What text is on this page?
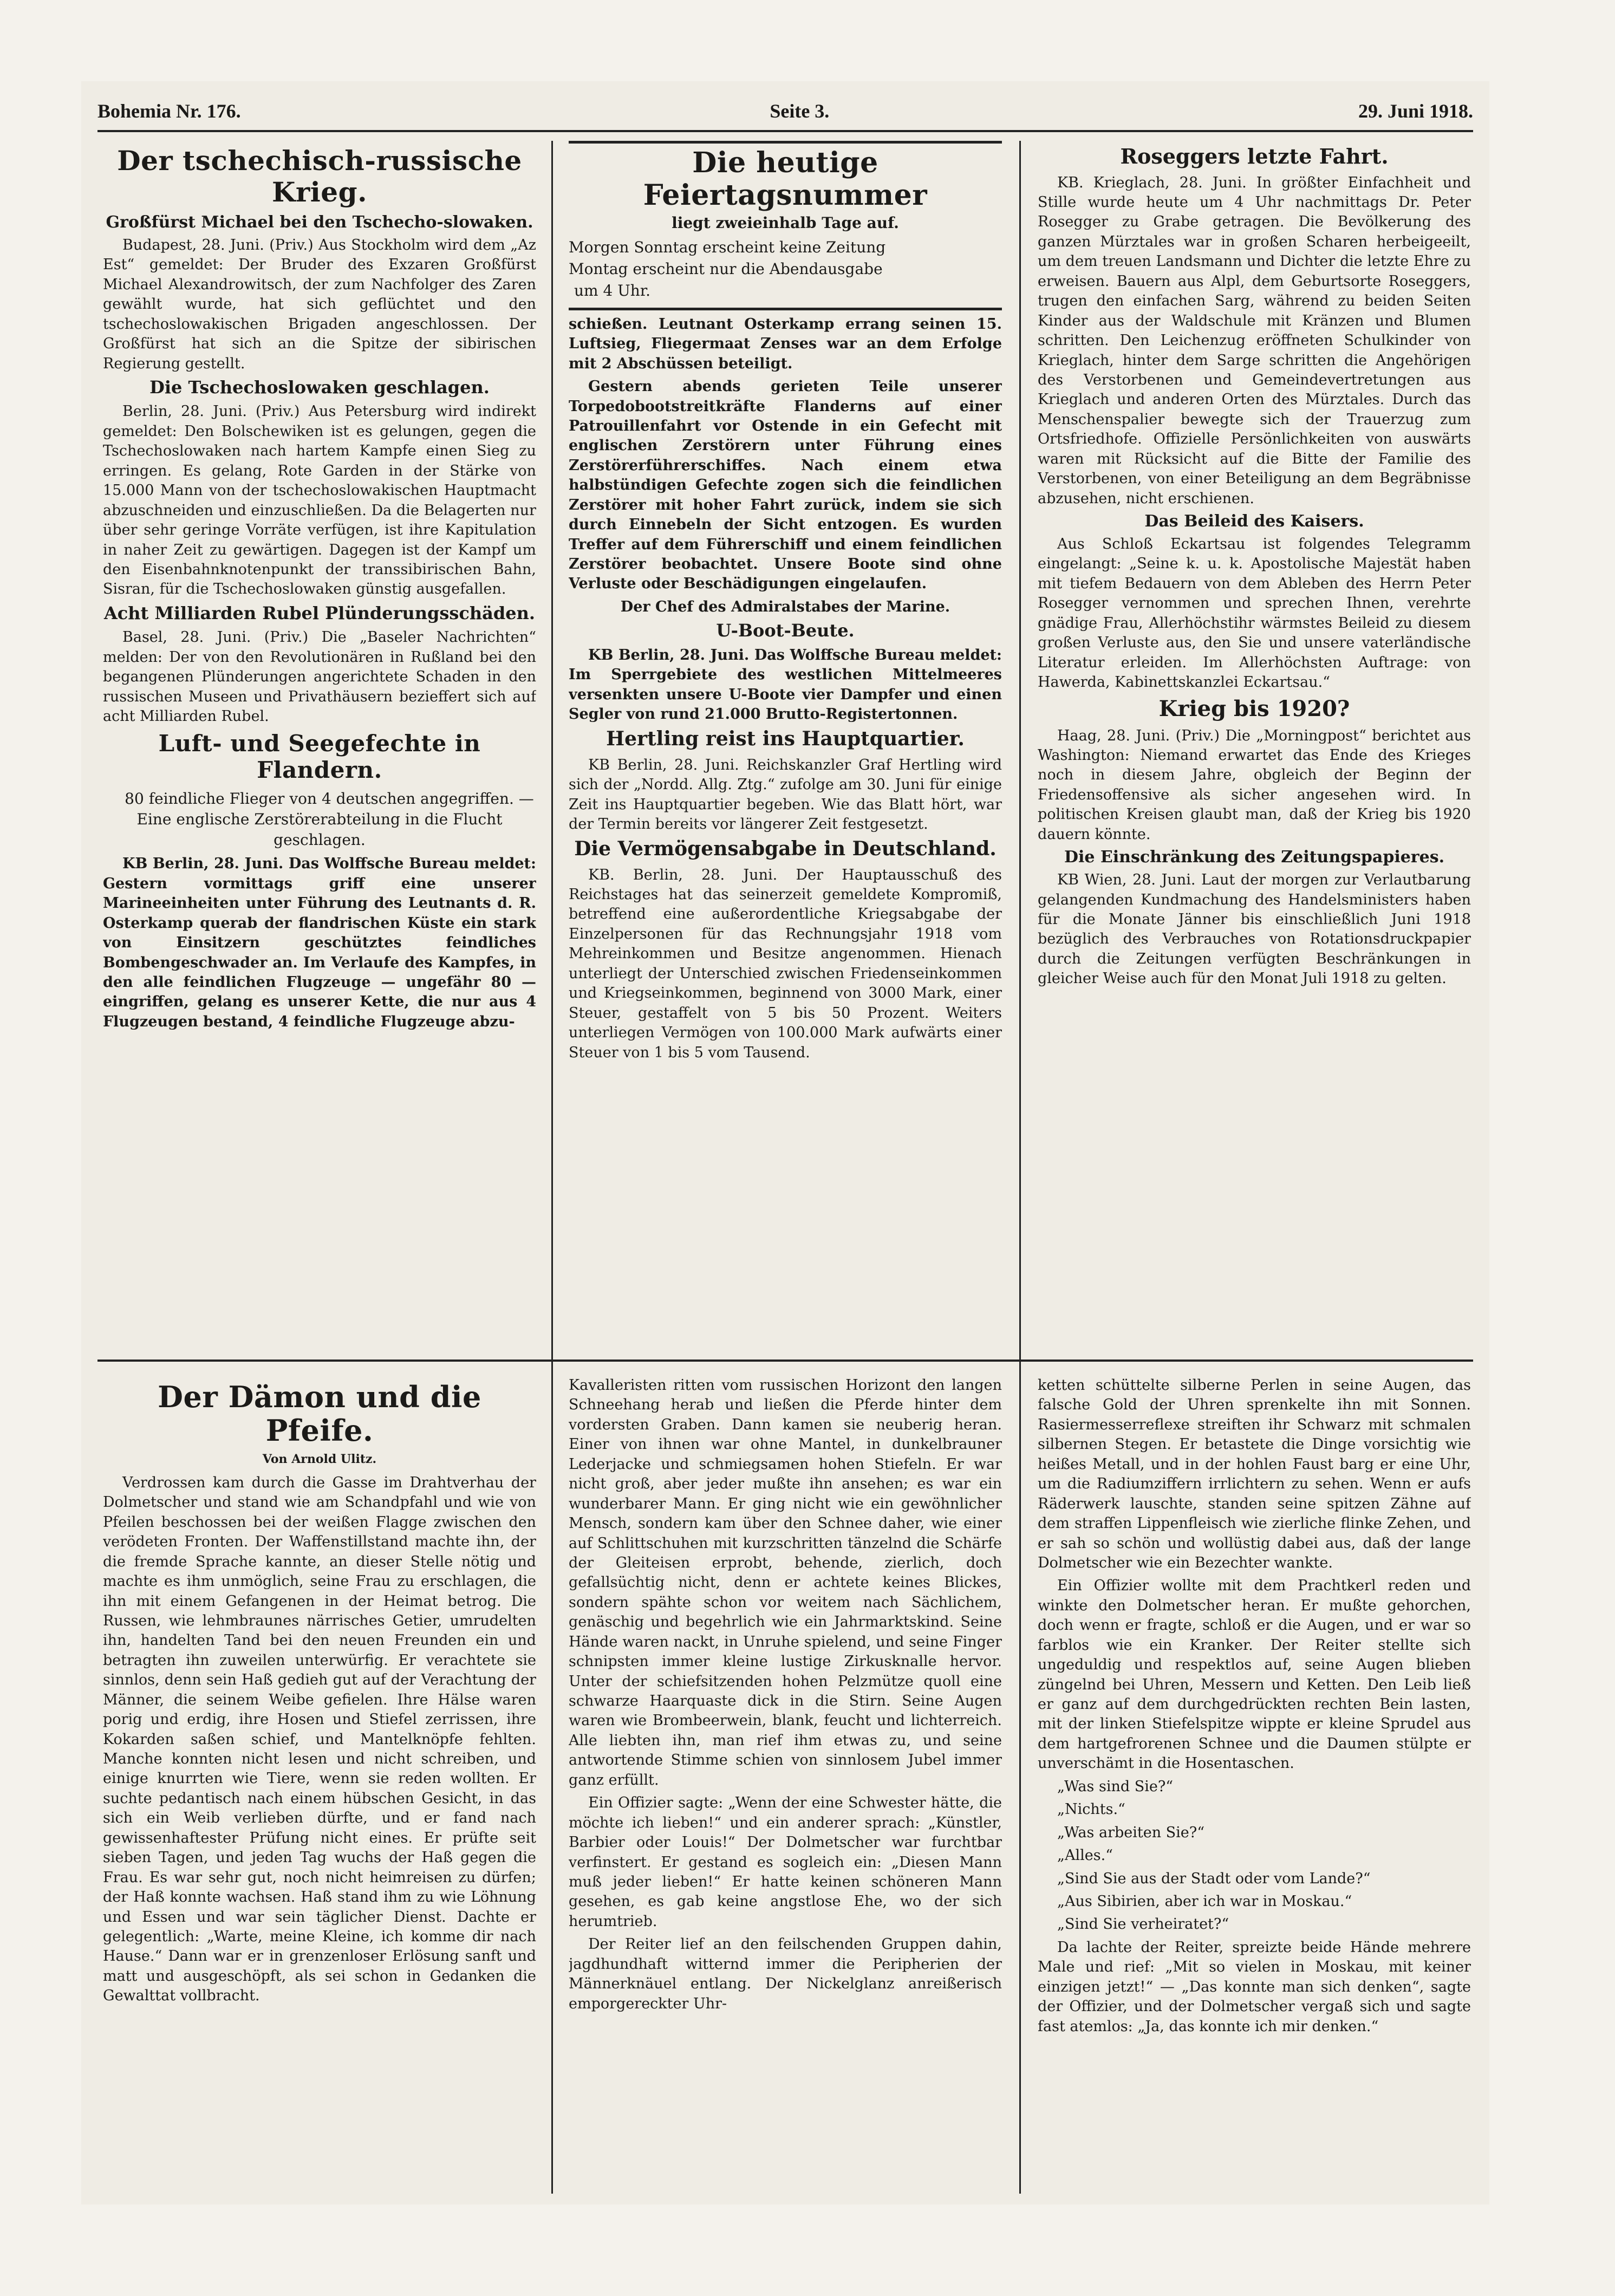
Bohemia Nr. 176.	Seite 3.	29. Juni 1918.
Der tschechisch-russische Krieg.
Großfürst Michael bei den Tschecho-slowaken.

Budapest, 28. Juni. (Priv.) Aus Stockholm wird dem „Az Est“ gemeldet: Der Bruder des Exzaren Großfürst Michael Alexandrowitsch, der zum Nachfolger des Zaren gewählt wurde, hat sich geflüchtet und den tschechoslowakischen Brigaden angeschlossen. Der Großfürst hat sich an die Spitze der sibirischen Regierung gestellt.

Die Tschechoslowaken geschlagen.

Berlin, 28. Juni. (Priv.) Aus Petersburg wird indirekt gemeldet: Den Bolschewiken ist es gelungen, gegen die Tschechoslowaken nach hartem Kampfe einen Sieg zu erringen. Es gelang, Rote Garden in der Stärke von 15.000 Mann von der tschechoslowakischen Hauptmacht abzuschneiden und einzuschließen. Da die Belagerten nur über sehr geringe Vorräte verfügen, ist ihre Kapitulation in naher Zeit zu gewärtigen. Dagegen ist der Kampf um den Eisenbahnknotenpunkt der transsibirischen Bahn, Sisran, für die Tschechoslowaken günstig ausgefallen.

Acht Milliarden Rubel Plünderungsschäden.

Basel, 28. Juni. (Priv.) Die „Baseler Nachrichten“ melden: Der von den Revolutionären in Rußland bei den begangenen Plünderungen angerichtete Schaden in den russischen Museen und Privathäusern bezieffert sich auf acht Milliarden Rubel.

Luft- und Seegefechte in Flandern.

80 feindliche Flieger von 4 deutschen angegriffen. — Eine englische Zerstörerabteilung in die Flucht geschlagen.

KB Berlin, 28. Juni. Das Wolffsche Bureau meldet: Gestern vormittags griff eine unserer Marineeinheiten unter Führung des Leutnants d. R. Osterkamp querab der flandrischen Küste ein stark von Einsitzern geschütztes feindliches Bombengeschwader an. Im Verlaufe des Kampfes, in den alle feindlichen Flugzeuge — ungefähr 80 — eingriffen, gelang es unserer Kette, die nur aus 4 Flugzeugen bestand, 4 feindliche Flugzeuge abzu-

Die heutige Feiertagsnummer
liegt zweieinhalb Tage auf.
Morgen Sonntag erscheint keine Zeitung
Montag erscheint nur die Abendausgabe
um 4 Uhr.

schießen. Leutnant Osterkamp errang seinen 15. Luftsieg, Fliegermaat Zenses war an dem Erfolge mit 2 Abschüssen beteiligt.

Gestern abends gerieten Teile unserer Torpedobootstreitkräfte Flanderns auf einer Patrouillenfahrt vor Ostende in ein Gefecht mit englischen Zerstörern unter Führung eines Zerstörerführerschiffes. Nach einem etwa halbstündigen Gefechte zogen sich die feindlichen Zerstörer mit hoher Fahrt zurück, indem sie sich durch Einnebeln der Sicht entzogen. Es wurden Treffer auf dem Führerschiff und einem feindlichen Zerstörer beobachtet. Unsere Boote sind ohne Verluste oder Beschädigungen eingelaufen.

Der Chef des Admiralstabes der Marine.

U-Boot-Beute.

KB Berlin, 28. Juni. Das Wolffsche Bureau meldet: Im Sperrgebiete des westlichen Mittelmeeres versenkten unsere U-Boote vier Dampfer und einen Segler von rund 21.000 Brutto-Registertonnen.

Hertling reist ins Hauptquartier.

KB Berlin, 28. Juni. Reichskanzler Graf Hertling wird sich der „Nordd. Allg. Ztg.“ zufolge am 30. Juni für einige Zeit ins Hauptquartier begeben. Wie das Blatt hört, war der Termin bereits vor längerer Zeit festgesetzt.

Die Vermögensabgabe in Deutschland.

KB. Berlin, 28. Juni. Der Hauptausschuß des Reichstages hat das seinerzeit gemeldete Kompromiß, betreffend eine außerordentliche Kriegsabgabe der Einzelpersonen für das Rechnungsjahr 1918 vom Mehreinkommen und Besitze angenommen. Hienach unterliegt der Unterschied zwischen Friedenseinkommen und Kriegseinkommen, beginnend von 3000 Mark, einer Steuer, gestaffelt von 5 bis 50 Prozent. Weiters unterliegen Vermögen von 100.000 Mark aufwärts einer Steuer von 1 bis 5 vom Tausend.

Roseggers letzte Fahrt.

KB. Krieglach, 28. Juni. In größter Einfachheit und Stille wurde heute um 4 Uhr nachmittags Dr. Peter Rosegger zu Grabe getragen. Die Bevölkerung des ganzen Mürztales war in großen Scharen herbeigeeilt, um dem treuen Landsmann und Dichter die letzte Ehre zu erweisen. Bauern aus Alpl, dem Geburtsorte Roseggers, trugen den einfachen Sarg, während zu beiden Seiten Kinder aus der Waldschule mit Kränzen und Blumen schritten. Den Leichenzug eröffneten Schulkinder von Krieglach, hinter dem Sarge schritten die Angehörigen des Verstorbenen und Gemeindevertretungen aus Krieglach und anderen Orten des Mürztales. Durch das Menschenspalier bewegte sich der Trauerzug zum Ortsfriedhofe. Offizielle Persönlichkeiten von auswärts waren mit Rücksicht auf die Bitte der Familie des Verstorbenen, von einer Beteiligung an dem Begräbnisse abzusehen, nicht erschienen.

Das Beileid des Kaisers.

Aus Schloß Eckartsau ist folgendes Telegramm eingelangt: „Seine k. u. k. Apostolische Majestät haben mit tiefem Bedauern von dem Ableben des Herrn Peter Rosegger vernommen und sprechen Ihnen, verehrte gnädige Frau, Allerhöchstihr wärmstes Beileid zu diesem großen Verluste aus, den Sie und unsere vaterländische Literatur erleiden. Im Allerhöchsten Auftrage: von Hawerda, Kabinettskanzlei Eckartsau.“

Krieg bis 1920?

Haag, 28. Juni. (Priv.) Die „Morningpost“ berichtet aus Washington: Niemand erwartet das Ende des Krieges noch in diesem Jahre, obgleich der Beginn der Friedensoffensive als sicher angesehen wird. In politischen Kreisen glaubt man, daß der Krieg bis 1920 dauern könnte.

Die Einschränkung des Zeitungspapieres.

KB Wien, 28. Juni. Laut der morgen zur Verlautbarung gelangenden Kundmachung des Handelsministers haben für die Monate Jänner bis einschließlich Juni 1918 bezüglich des Verbrauches von Rotationsdruckpapier durch die Zeitungen verfügten Beschränkungen in gleicher Weise auch für den Monat Juli 1918 zu gelten.

Der Dämon und die Pfeife.
Von Arnold Ulitz.

Verdrossen kam durch die Gasse im Drahtverhau der Dolmetscher und stand wie am Schandpfahl und wie von Pfeilen beschossen bei der weißen Flagge zwischen den verödeten Fronten. Der Waffenstillstand machte ihn, der die fremde Sprache kannte, an dieser Stelle nötig und machte es ihm unmöglich, seine Frau zu erschlagen, die ihn mit einem Gefangenen in der Heimat betrog. Die Russen, wie lehmbraunes närrisches Getier, umrudelten ihn, handelten Tand bei den neuen Freunden ein und betragten ihn zuweilen unterwürfig. Er verachtete sie sinnlos, denn sein Haß gedieh gut auf der Verachtung der Männer, die seinem Weibe gefielen. Ihre Hälse waren porig und erdig, ihre Hosen und Stiefel zerrissen, ihre Kokarden saßen schief, und Mantelknöpfe fehlten. Manche konnten nicht lesen und nicht schreiben, und einige knurrten wie Tiere, wenn sie reden wollten. Er suchte pedantisch nach einem hübschen Gesicht, in das sich ein Weib verlieben dürfte, und er fand nach gewissenhaftester Prüfung nicht eines. Er prüfte seit sieben Tagen, und jeden Tag wuchs der Haß gegen die Frau. Es war sehr gut, noch nicht heimreisen zu dürfen; der Haß konnte wachsen. Haß stand ihm zu wie Löhnung und Essen und war sein täglicher Dienst. Dachte er gelegentlich: „Warte, meine Kleine, ich komme dir nach Hause.“ Dann war er in grenzenloser Erlösung sanft und matt und ausgeschöpft, als sei schon in Gedanken die Gewalttat vollbracht.

Kavalleristen ritten vom russischen Horizont den langen Schneehang herab und ließen die Pferde hinter dem vordersten Graben. Dann kamen sie neuberig heran. Einer von ihnen war ohne Mantel, in dunkelbrauner Lederjacke und schmiegsamen hohen Stiefeln. Er war nicht groß, aber jeder mußte ihn ansehen; es war ein wunderbarer Mann. Er ging nicht wie ein gewöhnlicher Mensch, sondern kam über den Schnee daher, wie einer auf Schlittschuhen mit kurzschritten tänzelnd die Schärfe der Gleiteisen erprobt, behende, zierlich, doch gefallsüchtig nicht, denn er achtete keines Blickes, sondern spähte schon vor weitem nach Sächlichem, genäschig und begehrlich wie ein Jahrmarktskind. Seine Hände waren nackt, in Unruhe spielend, und seine Finger schnipsten immer kleine lustige Zirkusknalle hervor. Unter der schiefsitzenden hohen Pelzmütze quoll eine schwarze Haarquaste dick in die Stirn. Seine Augen waren wie Brombeerwein, blank, feucht und lichterreich. Alle liebten ihn, man rief ihm etwas zu, und seine antwortende Stimme schien von sinnlosem Jubel immer ganz erfüllt.

Ein Offizier sagte: „Wenn der eine Schwester hätte, die möchte ich lieben!“ und ein anderer sprach: „Künstler, Barbier oder Louis!“ Der Dolmetscher war furchtbar verfinstert. Er gestand es sogleich ein: „Diesen Mann muß jeder lieben!“ Er hatte keinen schöneren Mann gesehen, es gab keine angstlose Ehe, wo der sich herumtrieb.

Der Reiter lief an den feilschenden Gruppen dahin, jagdhundhaft witternd immer die Peripherien der Männerknäuel entlang. Der Nickelglanz anreißerisch emporgereckter Uhr-

ketten schüttelte silberne Perlen in seine Augen, das falsche Gold der Uhren sprenkelte ihn mit Sonnen. Rasiermesserreflexe streiften ihr Schwarz mit schmalen silbernen Stegen. Er betastete die Dinge vorsichtig wie heißes Metall, und in der hohlen Faust barg er eine Uhr, um die Radiumziffern irrlichtern zu sehen. Wenn er aufs Räderwerk lauschte, standen seine spitzen Zähne auf dem straffen Lippenfleisch wie zierliche flinke Zehen, und er sah so schön und wollüstig dabei aus, daß der lange Dolmetscher wie ein Bezechter wankte.

Ein Offizier wollte mit dem Prachtkerl reden und winkte den Dolmetscher heran. Er mußte gehorchen, doch wenn er fragte, schloß er die Augen, und er war so farblos wie ein Kranker. Der Reiter stellte sich ungeduldig und respektlos auf, seine Augen blieben züngelnd bei Uhren, Messern und Ketten. Den Leib ließ er ganz auf dem durchgedrückten rechten Bein lasten, mit der linken Stiefelspitze wippte er kleine Sprudel aus dem hartgefrorenen Schnee und die Daumen stülpte er unverschämt in die Hosentaschen.

„Was sind Sie?“

„Nichts.“

„Was arbeiten Sie?“

„Alles.“

„Sind Sie aus der Stadt oder vom Lande?“

„Aus Sibirien, aber ich war in Moskau.“

„Sind Sie verheiratet?“

Da lachte der Reiter, spreizte beide Hände mehrere Male und rief: „Mit so vielen in Moskau, mit keiner einzigen jetzt!“ — „Das konnte man sich denken“, sagte der Offizier, und der Dolmetscher vergaß sich und sagte fast atemlos: „Ja, das konnte ich mir denken.“
